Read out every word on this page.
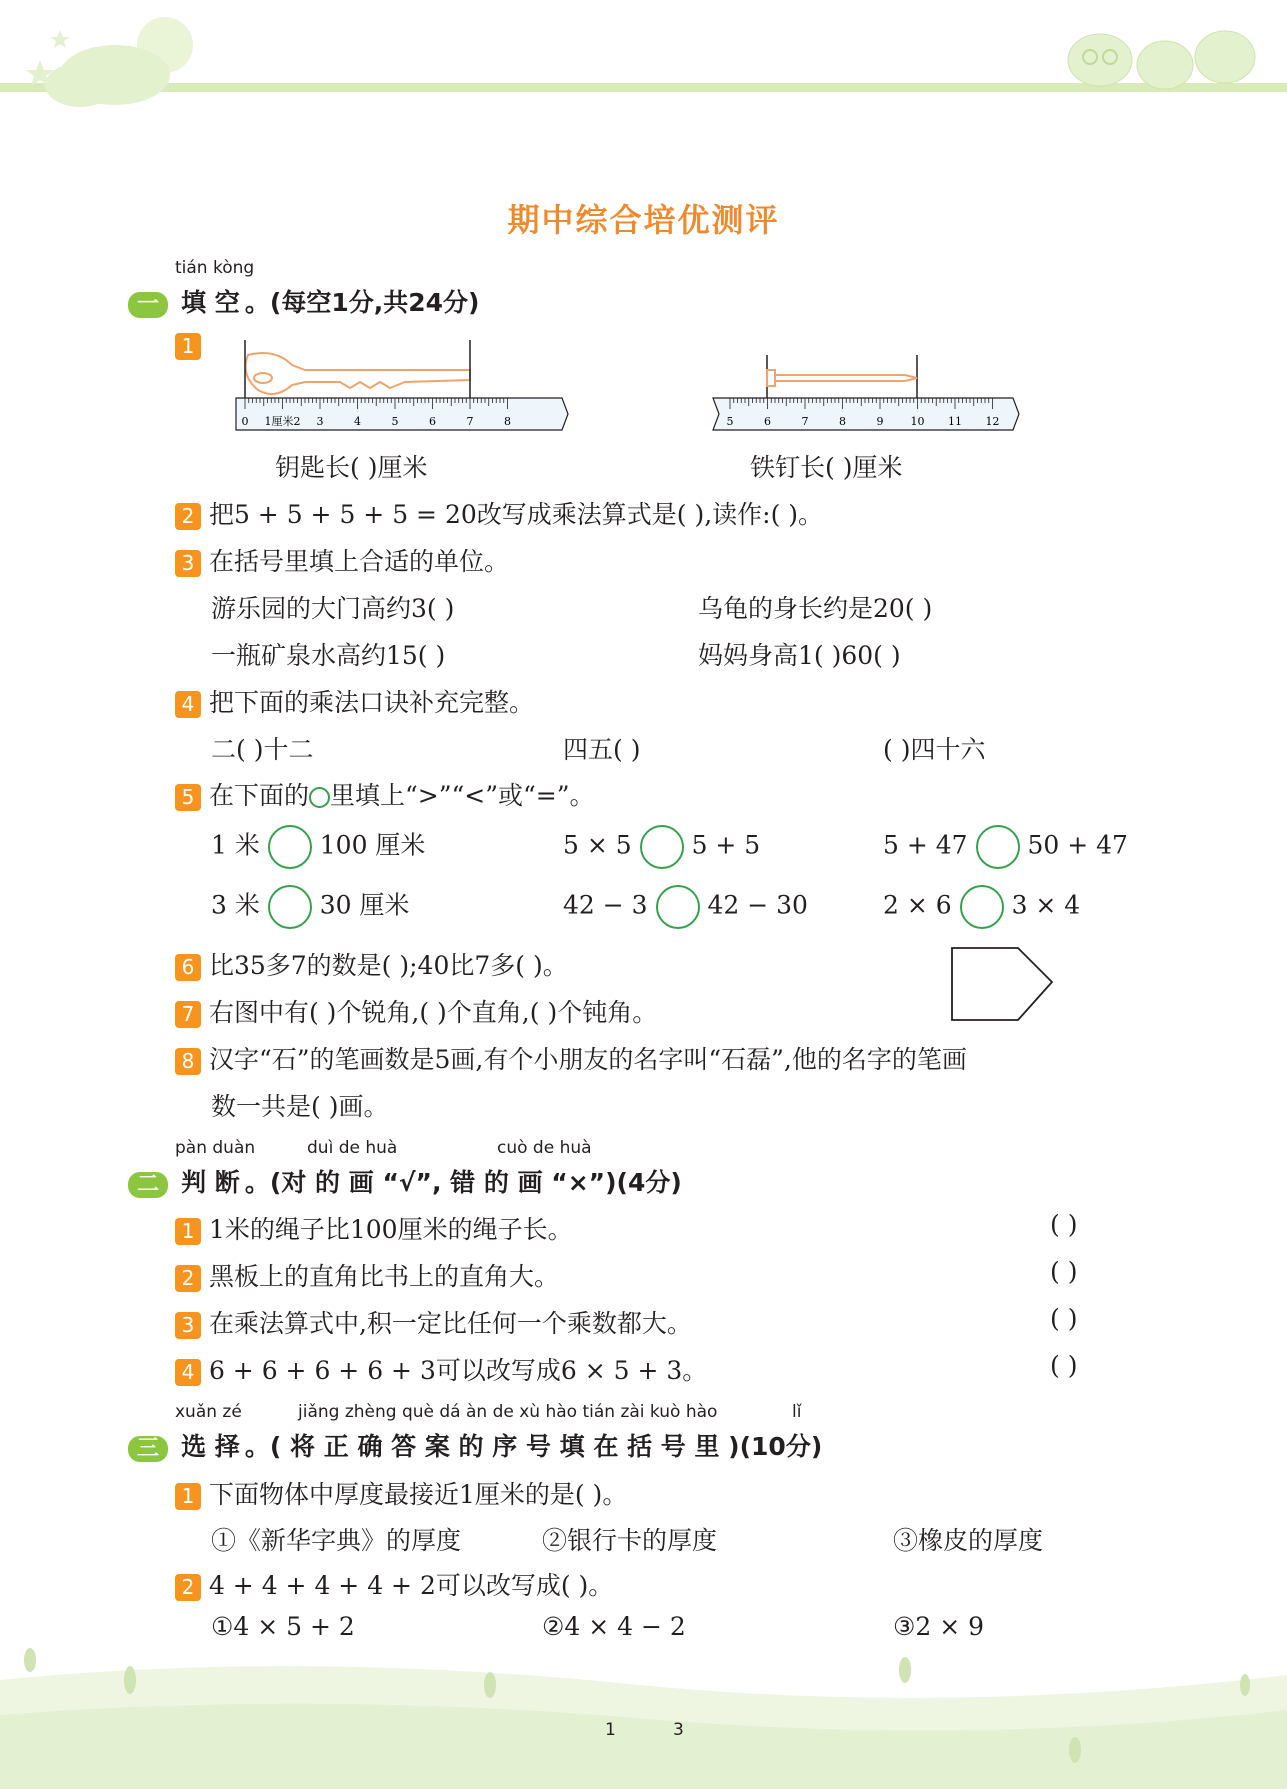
期中综合培优测评
tián kòng
一 填 空 。(每空1分,共24分)
1
0 1厘米2 3	4	5	6	7	8	5	6	7	8	9 10 11 12
钥匙长( )厘米	铁钉长( )厘米
2 把5 + 5 + 5 + 5 = 20改写成乘法算式是( ),读作:( )。
3 在括号里填上合适的单位。
游乐园的大门高约3( )	乌龟的身长约是20( )
一瓶矿泉水高约15( )	妈妈身高1( )60( )
4 把下面的乘法口诀补充完整。
二( )十二	四五( )	( )四十六
5 在下面的 里填上“>”“<”或“=”。
1 米 100 厘米	5 × 5 5 + 5	5 + 47 50 + 47
3 米 30 厘米	42 − 3 42 − 30	2 × 6 3 × 4
6 比35多7的数是( );40比7多( )。
7 右图中有( )个锐角,( )个直角,( )个钝角。
8 汉字“石”的笔画数是5画,有个小朋友的名字叫“石磊”,他的名字的笔画
数一共是( )画。
pàn duàn	duì de huà	cuò de huà
二 判 断 。(对 的 画 “√”, 错 的 画 “×”)(4分)
1 1米的绳子比100厘米的绳子长。	( )
2 黑板上的直角比书上的直角大。	( )
3 在乘法算式中,积一定比任何一个乘数都大。	( )
4 6 + 6 + 6 + 6 + 3可以改写成6 × 5 + 3。	( )
xuǎn zé	jiǎng zhèng què dá àn de xù hào tián zài kuò hào	lǐ
三 选 择 。( 将 正 确 答 案 的 序 号 填 在 括 号 里 )(10分)
1 下面物体中厚度最接近1厘米的是( )。
①《新华字典》的厚度	②银行卡的厚度	③橡皮的厚度
2 4 + 4 + 4 + 4 + 2可以改写成( )。
①4 × 5 + 2	②4 × 4 − 2	③2 × 9
1	3
